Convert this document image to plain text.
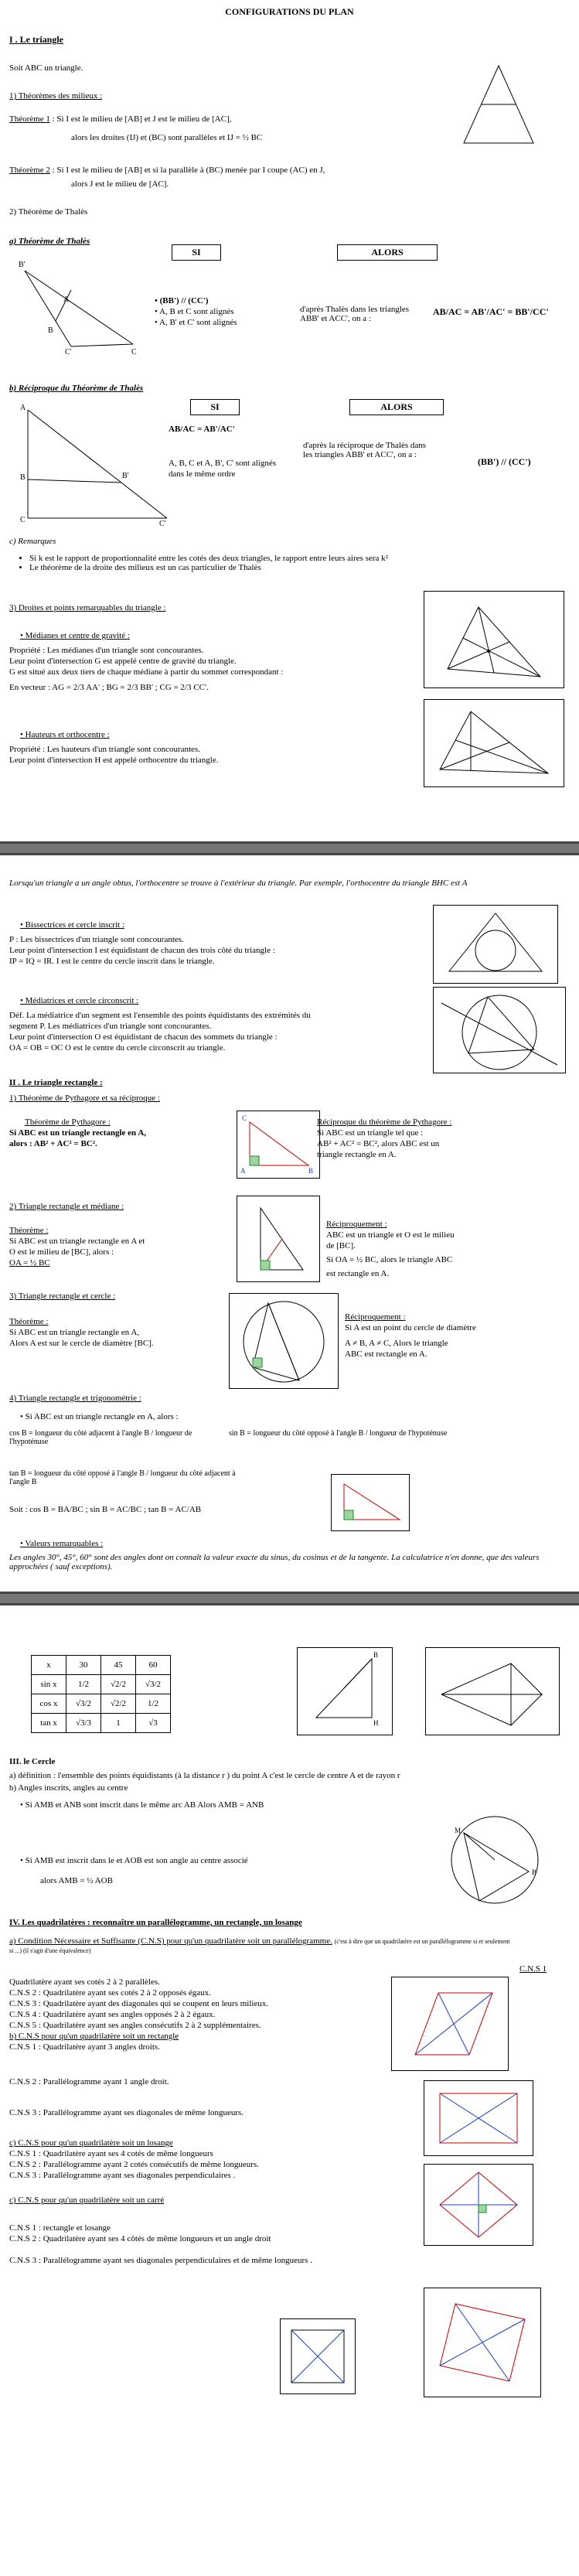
CONFIGURATIONS DU PLAN
I . Le triangle
Soit ABC un triangle.
1) Théorèmes des milieux :
Théorème 1 : Si I est le milieu de [AB] et J est le milieu de [AC],
alors les droites (IJ) et (BC) sont parallèles et IJ = ½ BC
Théorème 2 : Si I est le milieu de [AB] et si la parallèle à (BC) menée par I coupe (AC) en J,
alors J est le milieu de [AC].
2) Théorème de Thalès
a) Théorème de Thalès
B'
A
B
C'	C
SI	ALORS
• (BB') // (CC')
• A, B et C sont alignés
• A, B' et C' sont alignés
d'après Thalès dans les triangles ABB' et ACC', on a :
AB/AC = AB'/AC' = BB'/CC'
b) Réciproque du Théorème de Thalès
A
B
C
B'
C'
SI	ALORS
AB/AC = AB'/AC'
A, B, C et A, B', C' sont alignés dans le même ordre
d'après la réciproque de Thalès dans les triangles ABB' et ACC', on a :
(BB') // (CC')
c) Remarques
• Si k est le rapport de proportionnalité entre les cotés des deux triangles, le rapport entre leurs aires sera k²
• Le théorème de la droite des milieux est un cas particulier de Thalès
3) Droites et points remarquables du triangle :
• Médianes et centre de gravité :
Propriété : Les médianes d'un triangle sont concourantes.
Leur point d'intersection G est appelé centre de gravité du triangle.
G est situé aux deux tiers de chaque médiane à partir du sommet correspondant :
En vecteur : AG = 2/3 AA' ; BG = 2/3 BB' ; CG = 2/3 CC'.
• Hauteurs et orthocentre :
Propriété : Les hauteurs d'un triangle sont concourantes.
Leur point d'intersection H est appelé orthocentre du triangle.
Lorsqu'un triangle a un angle obtus, l'orthocentre se trouve à l'extérieur du triangle. Par exemple, l'orthocentre du triangle BHC est A
• Bissectrices et cercle inscrit :
P : Les bissectrices d'un triangle sont concourantes.
Leur point d'intersection I est équidistant de chacun des trois côté du triangle :
IP = IQ = IR. I est le centre du cercle inscrit dans le triangle.
• Médiatrices et cercle circonscrit :
Déf. La médiatrice d'un segment est l'ensemble des points équidistants des extrémités du
segment P. Les médiatrices d'un triangle sont concourantes.
Leur point d'intersection O est équidistant de chacun des sommets du triangle :
OA = OB = OC O est le centre du cercle circonscrit au triangle.
II . Le triangle rectangle :
1) Théorème de Pythagore et sa réciproque :
Théorème de Pythagore :
Si ABC est un triangle rectangle en A,
alors : AB² + AC² = BC².
C
A	B
Réciproque du théorème de Pythagore :
Si ABC est un triangle tel que :
AB² + AC² = BC², alors ABC est un
triangle rectangle en A.
2) Triangle rectangle et médiane :
Théorème :
Si ABC est un triangle rectangle en A et
O est le milieu de [BC], alors :
OA = ½ BC
Réciproquement :
ABC est un triangle et O est le milieu
de [BC].
Si OA = ½ BC, alors le triangle ABC
est rectangle en A.
3) Triangle rectangle et cercle :
Théorème :
Si ABC est un triangle rectangle en A,
Alors A est sur le cercle de diamètre [BC].
Réciproquement :
Si A est un point du cercle de diamètre
A ≠ B, A ≠ C, Alors le triangle
ABC est rectangle en A.
4) Triangle rectangle et trigonométrie :
• Si ABC est un triangle rectangle en A, alors :
cos B = longueur du côté adjacent à l'angle B / longueur de l'hypoténuse
sin B = longueur du côté opposé à l'angle B / longueur de l'hypoténuse
tan B = longueur du côté opposé à l'angle B / longueur du côté adjacent à l'angle B
Soit : cos B = BA/BC ; sin B = AC/BC ; tan B = AC/AB
• Valeurs remarquables :
Les angles 30°, 45°, 60° sont des angles dont on connaît la valeur exacte du sinus, du cosinus et de la tangente. La calculatrice n'en donne, que des valeurs approchées ( sauf exceptions).
x	30	45	60
sin x	1/2	√2/2	√3/2
cos x	√3/2	√2/2	1/2
tan x	√3/3	1	√3
B
H
III. le Cercle
a) définition : l'ensemble des points équidistants (à la distance r ) du point A c'est le cercle de centre A et de rayon r
b) Angles inscrits, angles au centre
• Si AMB et ANB sont inscrit dans le même arc AB Alors AMB = ANB
• Si AMB est inscrit dans le et AOB est son angle au centre associé
alors AMB = ½ AOB
M
B
IV. Les quadrilatères : reconnaître un parallélogramme, un rectangle, un losange
a) Condition Nécessaire et Suffisante (C.N.S) pour qu'un quadrilatère soit un parallélogramme. (c'est à dire que un quadrilatère est un parallélogramme si et seulement si ...) (il s'agit d'une équivalence)
C.N.S 1
Quadrilatère ayant ses cotés 2 à 2 parallèles.
C.N.S 2 : Quadrilatère ayant ses cotés 2 à 2 opposés égaux.
C.N.S 3 : Quadrilatère ayant des diagonales qui se coupent en leurs milieux.
C.N.S 4 : Quadrilatère ayant ses angles opposés 2 à 2 égaux.
C.N.S 5 : Quadrilatère ayant ses angles consécutifs 2 à 2 supplémentaires.
b) C.N.S pour qu'un quadrilatère soit un rectangle
C.N.S 1 : Quadrilatère ayant 3 angles droits.
C.N.S 2 : Parallélogramme ayant 1 angle droit.
C.N.S 3 : Parallélogramme ayant ses diagonales de même longueurs.
c) C.N.S pour qu'un quadrilatère soit un losange
C.N.S 1 : Quadrilatère ayant ses 4 cotés de même longueurs
C.N.S 2 : Parallélogramme ayant 2 cotés consécutifs de même longueurs.
C.N.S 3 : Parallélogramme ayant ses diagonales perpendiculaires .
c) C.N.S pour qu'un quadrilatère soit un carré
C.N.S 1 : rectangle et losange
C.N.S 2 : Quadrilatère ayant ses 4 côtés de même longueurs et un angle droit
C.N.S 3 : Parallélogramme ayant ses diagonales perpendiculaires et de même longueurs .
